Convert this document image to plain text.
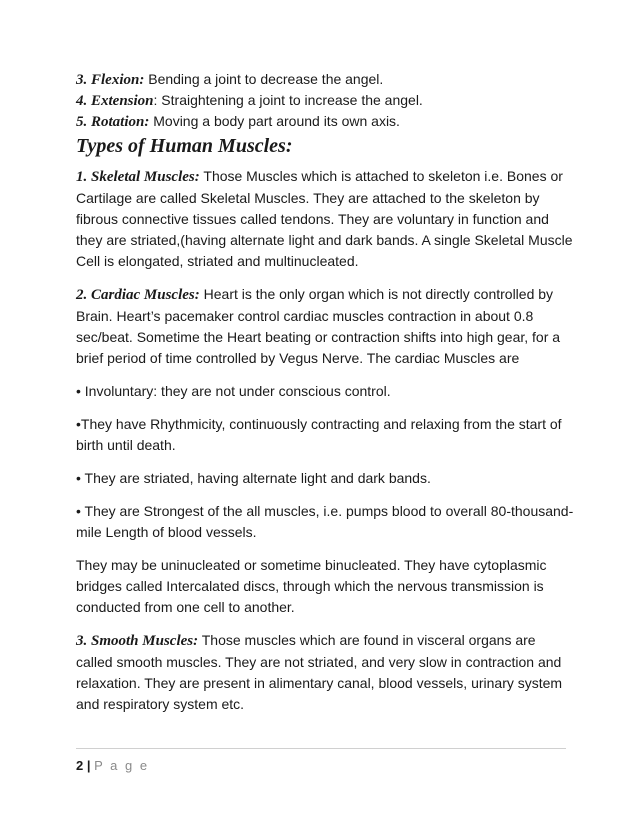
3. Flexion: Bending a joint to decrease the angel.

4. Extension: Straightening a joint to increase the angel.

5. Rotation: Moving a body part around its own axis.

Types of Human Muscles:

1. Skeletal Muscles: Those Muscles which is attached to skeleton i.e. Bones or Cartilage are called Skeletal Muscles. They are attached to the skeleton by fibrous connective tissues called tendons. They are voluntary in function and they are striated,(having alternate light and dark bands. A single Skeletal Muscle Cell is elongated, striated and multinucleated.

2. Cardiac Muscles: Heart is the only organ which is not directly controlled by Brain. Heart’s pacemaker control cardiac muscles contraction in about 0.8 sec/beat. Sometime the Heart beating or contraction shifts into high gear, for a brief period of time controlled by Vegus Nerve. The cardiac Muscles are

• Involuntary: they are not under conscious control.

•They have Rhythmicity, continuously contracting and relaxing from the start of birth until death.

• They are striated, having alternate light and dark bands.

• They are Strongest of the all muscles, i.e. pumps blood to overall 80-thousand-mile Length of blood vessels.

They may be uninucleated or sometime binucleated. They have cytoplasmic bridges called Intercalated discs, through which the nervous transmission is conducted from one cell to another.

3. Smooth Muscles: Those muscles which are found in visceral organs are called smooth muscles. They are not striated, and very slow in contraction and relaxation. They are present in alimentary canal, blood vessels, urinary system and respiratory system etc.

2 | P a g e
